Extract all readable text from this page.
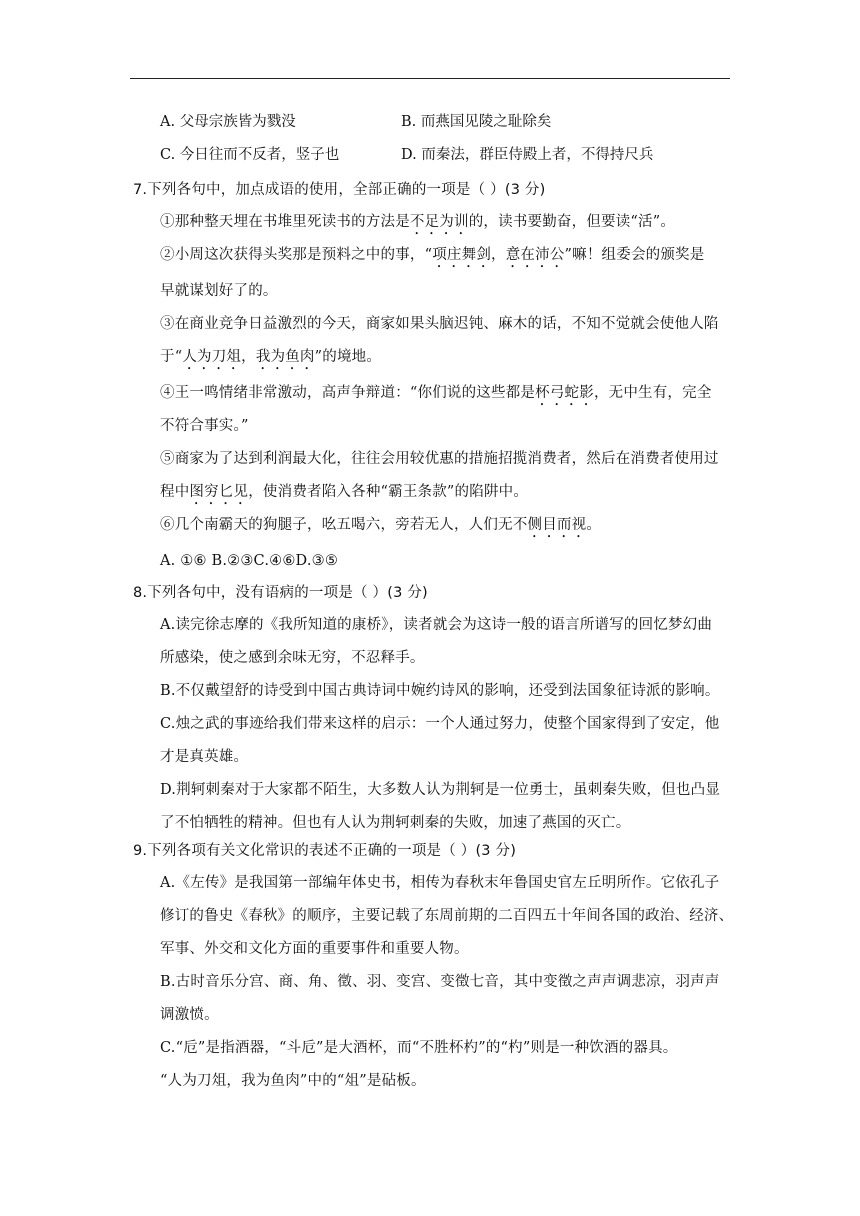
A. 父母宗族皆为戮没	B. 而燕国见陵之耻除矣
C. 今日往而不反者，竖子也	D. 而秦法，群臣侍殿上者，不得持尺兵
7.下列各句中，加点成语的使用，全部正确的一项是（ ）(3 分)
①那种整天埋在书堆里死读书的方法是不足为训的，读书要勤奋，但要读“活”。
②小周这次获得头奖那是预料之中的事，“项庄舞剑，意在沛公”嘛！组委会的颁奖是
早就谋划好了的。
③在商业竞争日益激烈的今天，商家如果头脑迟钝、麻木的话，不知不觉就会使他人陷
于“人为刀俎，我为鱼肉”的境地。
④王一鸣情绪非常激动，高声争辩道：“你们说的这些都是杯弓蛇影，无中生有，完全
不符合事实。”
⑤商家为了达到利润最大化，往往会用较优惠的措施招揽消费者，然后在消费者使用过
程中图穷匕见，使消费者陷入各种“霸王条款”的陷阱中。
⑥几个南霸天的狗腿子，吆五喝六，旁若无人，人们无不侧目而视。
A. ①⑥ B.②③C.④⑥D.③⑤
8.下列各句中，没有语病的一项是（ ）(3 分)
A.读完徐志摩的《我所知道的康桥》，读者就会为这诗一般的语言所谱写的回忆梦幻曲
所感染，使之感到余味无穷，不忍释手。
B.不仅戴望舒的诗受到中国古典诗词中婉约诗风的影响，还受到法国象征诗派的影响。
C.烛之武的事迹给我们带来这样的启示：一个人通过努力，使整个国家得到了安定，他
才是真英雄。
D.荆轲刺秦对于大家都不陌生，大多数人认为荆轲是一位勇士，虽刺秦失败，但也凸显
了不怕牺牲的精神。但也有人认为荆轲刺秦的失败，加速了燕国的灭亡。
9.下列各项有关文化常识的表述不正确的一项是（ ）(3 分)
A.《左传》是我国第一部编年体史书，相传为春秋末年鲁国史官左丘明所作。它依孔子
修订的鲁史《春秋》的顺序，主要记载了东周前期的二百四五十年间各国的政治、经济、
军事、外交和文化方面的重要事件和重要人物。
B.古时音乐分宫、商、角、徵、羽、变宫、变徵七音，其中变徵之声声调悲凉，羽声声
调激愤。
C.“卮”是指酒器，“斗卮”是大酒杯，而“不胜杯杓”的“杓”则是一种饮酒的器具。
“人为刀俎，我为鱼肉”中的“俎”是砧板。
